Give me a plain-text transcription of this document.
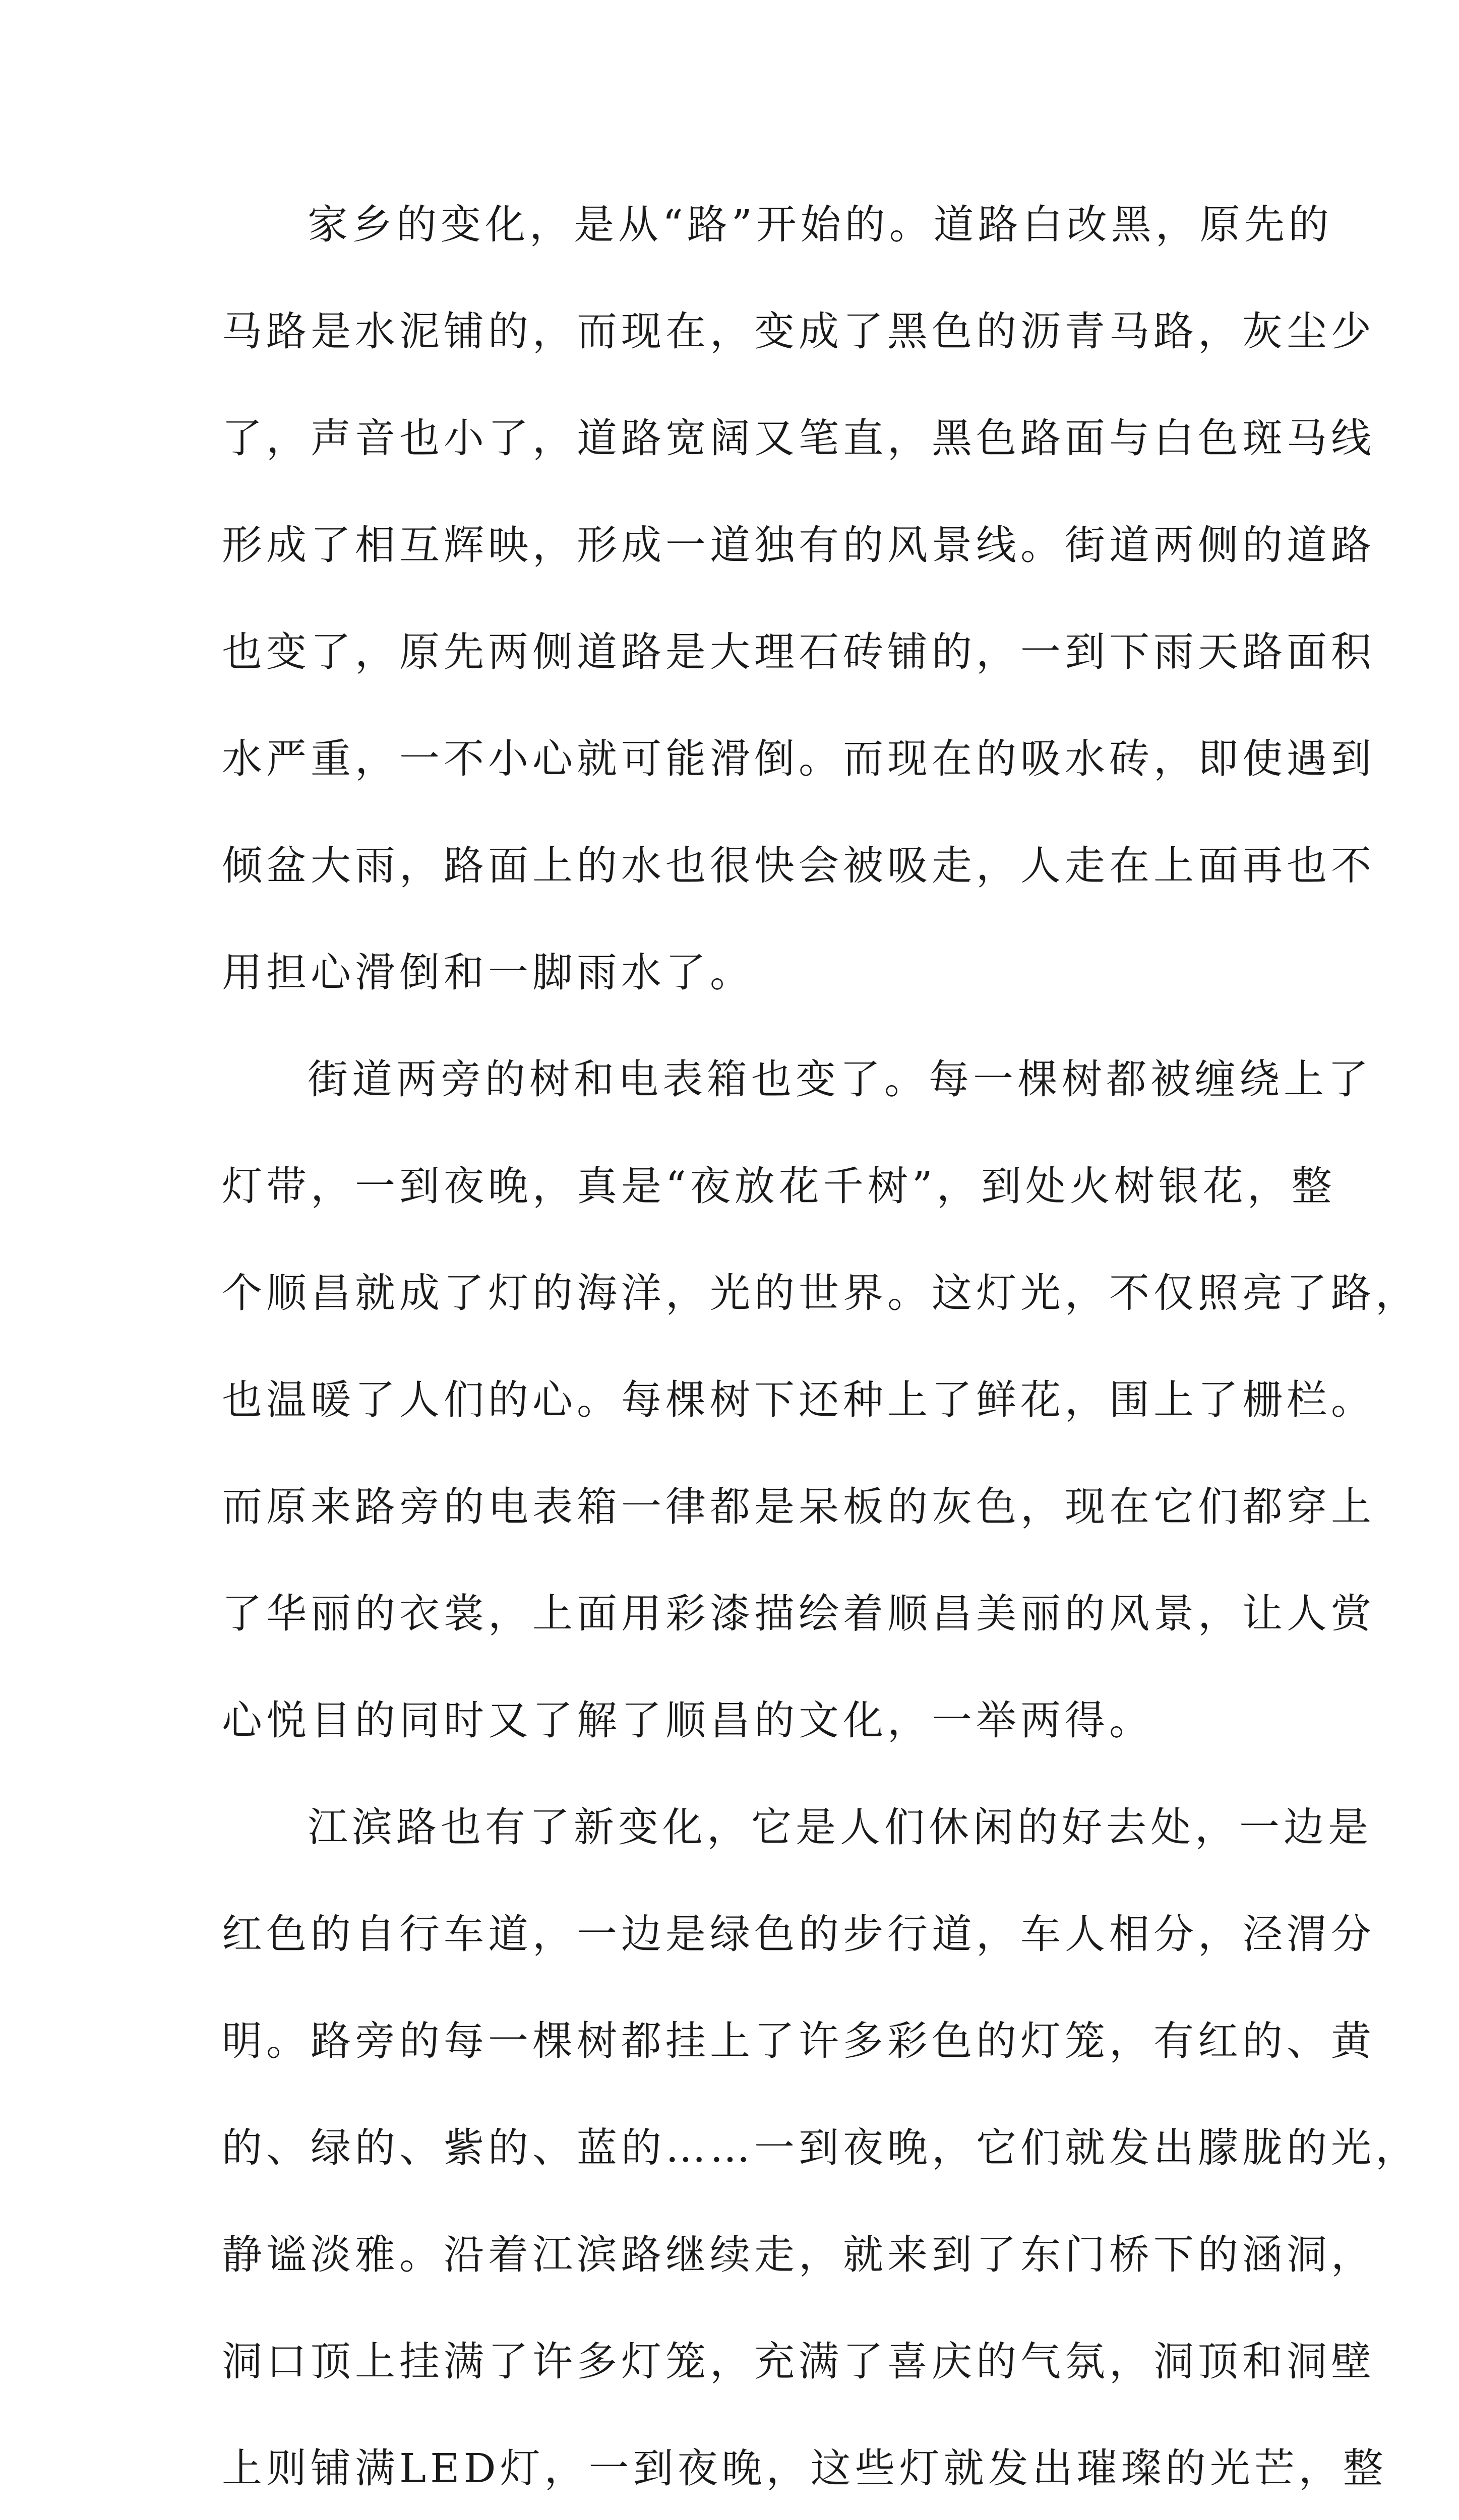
家乡的变化，是从“路”开始的。道路白改黑，原先的
马路是水泥铺的，而现在，变成了黑色的沥青马路，灰尘少
了，声音也小了，道路宽阔又笔直，黑色路面与白色斑马线
形成了相互辉映，形成一道独有的风景线。街道两侧的道路
也变了，原先两侧道路是大理石砖铺的，一到下雨天路面积
水严重，一不小心就可能滑倒。而现在的吸水砖，即使遇到
倾盆大雨，路面上的水也很快会被吸走，人走在上面再也不
用担心滑倒和一脚雨水了。
街道两旁的树和电表箱也变了。每一棵树都被缠绕上了
灯带，一到夜晚，真是“夜放花千树”，到处火树银花，整
个顺昌就成了灯的海洋，光的世界。这灯光，不仅照亮了路，
也温暖了人们的心。每棵树下还种上了鲜花，围上了栅栏。
而原来路旁的电表箱一律都是呆板的灰色，现在它们都穿上
了华丽的衣裳，上面用彩漆描绘着顺昌美丽的风景，让人赏
心悦目的同时又了解了顺昌的文化，一举两得。
江滨路也有了新变化，它是人们休闲的好去处，一边是
红色的自行车道，一边是绿色的步行道，车人相分，泾渭分
明。路旁的每一棵树都挂上了许多彩色的灯笼，有红的、黄
的、绿的、紫的、蓝的……一到夜晚，它们就发出朦胧的光，
静谧淡雅。沿着江滨路继续走，就来到了东门桥下的涵洞，
洞口顶上挂满了许多灯笼，充满了喜庆的气氛，洞顶和洞壁
上则铺满LED灯，一到夜晚，这些灯就发出璀璨的光芒，整
